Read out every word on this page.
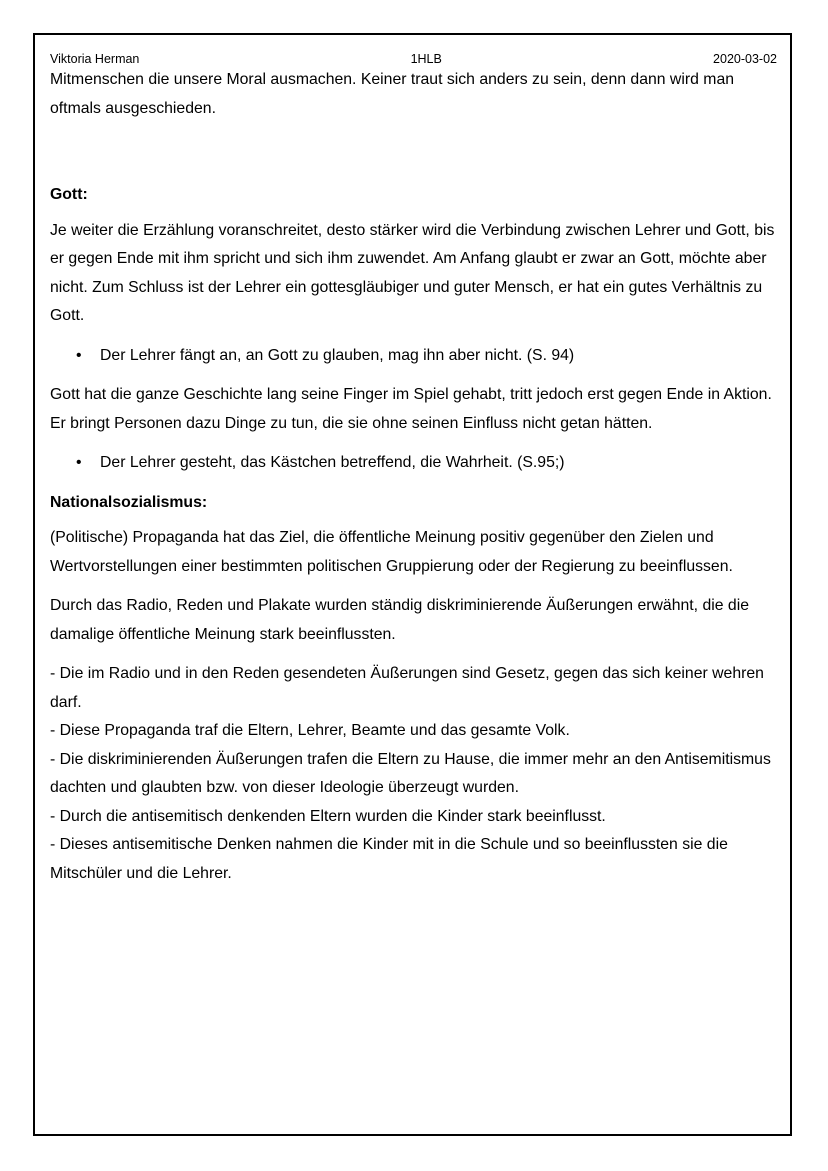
Viktoria Herman	1HLB	2020-03-02

Mitmenschen die unsere Moral ausmachen. Keiner traut sich anders zu sein, denn dann wird man oftmals ausgeschieden.

Gott:

Je weiter die Erzählung voranschreitet, desto stärker wird die Verbindung zwischen Lehrer und Gott, bis er gegen Ende mit ihm spricht und sich ihm zuwendet. Am Anfang glaubt er zwar an Gott, möchte aber nicht. Zum Schluss ist der Lehrer ein gottesgläubiger und guter Mensch, er hat ein gutes Verhältnis zu Gott.

• Der Lehrer fängt an, an Gott zu glauben, mag ihn aber nicht. (S. 94)

Gott hat die ganze Geschichte lang seine Finger im Spiel gehabt, tritt jedoch erst gegen Ende in Aktion. Er bringt Personen dazu Dinge zu tun, die sie ohne seinen Einfluss nicht getan hätten.

• Der Lehrer gesteht, das Kästchen betreffend, die Wahrheit. (S.95;)
Nationalsozialismus:

(Politische) Propaganda hat das Ziel, die öffentliche Meinung positiv gegenüber den Zielen und Wertvorstellungen einer bestimmten politischen Gruppierung oder der Regierung zu beeinflussen.

Durch das Radio, Reden und Plakate wurden ständig diskriminierende Äußerungen erwähnt, die die damalige öffentliche Meinung stark beeinflussten.

- Die im Radio und in den Reden gesendeten Äußerungen sind Gesetz, gegen das sich keiner wehren darf.

- Diese Propaganda traf die Eltern, Lehrer, Beamte und das gesamte Volk.

- Die diskriminierenden Äußerungen trafen die Eltern zu Hause, die immer mehr an den Antisemitismus dachten und glaubten bzw. von dieser Ideologie überzeugt wurden.

- Durch die antisemitisch denkenden Eltern wurden die Kinder stark beeinflusst.

- Dieses antisemitische Denken nahmen die Kinder mit in die Schule und so beeinflussten sie die Mitschüler und die Lehrer.
